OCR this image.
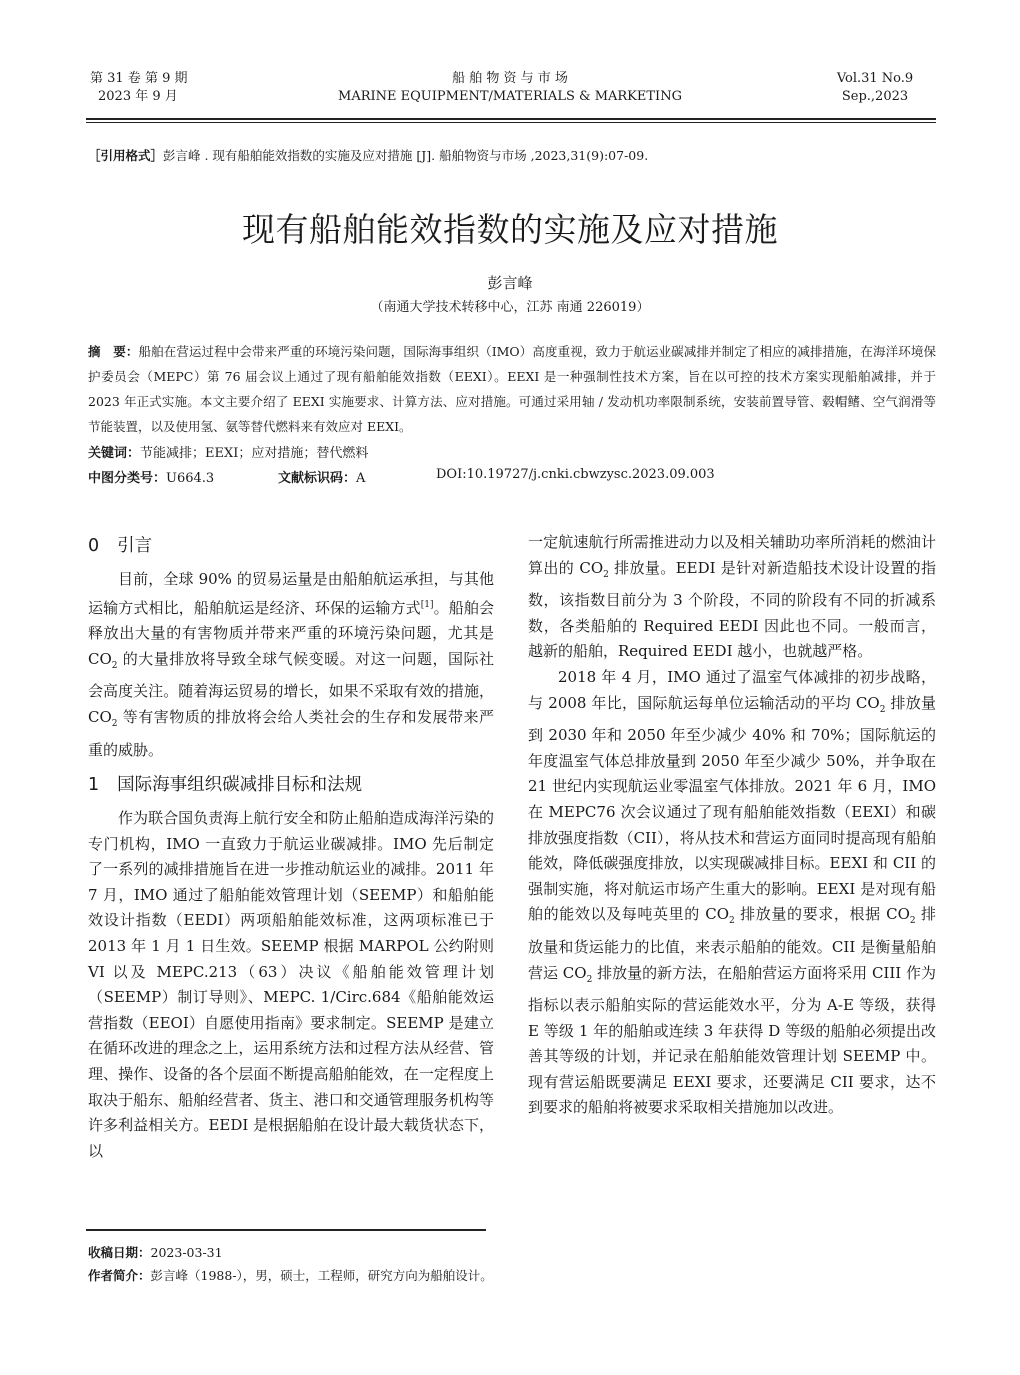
第 31 卷 第 9 期
2023 年 9 月
船 舶 物 资 与 市 场
MARINE EQUIPMENT/MATERIALS & MARKETING
Vol.31 No.9
Sep.,2023
［引用格式］彭言峰 . 现有船舶能效指数的实施及应对措施 [J]. 船舶物资与市场 ,2023,31(9):07-09.
现有船舶能效指数的实施及应对措施
彭言峰
（南通大学技术转移中心，江苏 南通 226019）
摘　要：船舶在营运过程中会带来严重的环境污染问题，国际海事组织（IMO）高度重视，致力于航运业碳减排并制定了相应的减排措施，在海洋环境保护委员会（MEPC）第 76 届会议上通过了现有船舶能效指数（EEXI）。EEXI 是一种强制性技术方案，旨在以可控的技术方案实现船舶减排，并于 2023 年正式实施。本文主要介绍了 EEXI 实施要求、计算方法、应对措施。可通过采用轴 / 发动机功率限制系统，安装前置导管、毂帽鳍、空气润滑等节能装置，以及使用氢、氨等替代燃料来有效应对 EEXI。
关键词：节能减排；EEXI；应对措施；替代燃料
中图分类号：U664.3	文献标识码：A	DOI:10.19727/j.cnki.cbwzysc.2023.09.003
0 引言

目前，全球 90% 的贸易运量是由船舶航运承担，与其他运输方式相比，船舶航运是经济、环保的运输方式[1]。船舶会释放出大量的有害物质并带来严重的环境污染问题，尤其是 $CO_2$ 的大量排放将导致全球气候变暖。对这一问题，国际社会高度关注。随着海运贸易的增长，如果不采取有效的措施，$CO_2$ 等有害物质的排放将会给人类社会的生存和发展带来严重的威胁。

1 国际海事组织碳减排目标和法规

作为联合国负责海上航行安全和防止船舶造成海洋污染的专门机构，IMO 一直致力于航运业碳减排。IMO 先后制定了一系列的减排措施旨在进一步推动航运业的减排。2011 年 7 月，IMO 通过了船舶能效管理计划（SEEMP）和船舶能效设计指数（EEDI）两项船舶能效标准，这两项标准已于 2013 年 1 月 1 日生效。SEEMP 根据 MARPOL 公约附则 VI 以及 MEPC.213（63）决议《船舶能效管理计划（SEEMP）制订导则》、MEPC. 1/Circ.684《船舶能效运营指数（EEOI）自愿使用指南》要求制定。SEEMP 是建立在循环改进的理念之上，运用系统方法和过程方法从经营、管理、操作、设备的各个层面不断提高船舶能效，在一定程度上取决于船东、船舶经营者、货主、港口和交通管理服务机构等许多利益相关方。EEDI 是根据船舶在设计最大载货状态下，以

一定航速航行所需推进动力以及相关辅助功率所消耗的燃油计算出的 $CO_2$ 排放量。EEDI 是针对新造船技术设计设置的指数，该指数目前分为 3 个阶段，不同的阶段有不同的折减系数，各类船舶的 Required EEDI 因此也不同。一般而言，越新的船舶，Required EEDI 越小，也就越严格。

2018 年 4 月，IMO 通过了温室气体减排的初步战略，与 2008 年比，国际航运每单位运输活动的平均 $CO_2$ 排放量到 2030 年和 2050 年至少减少 40% 和 70%；国际航运的年度温室气体总排放量到 2050 年至少减少 50%，并争取在 21 世纪内实现航运业零温室气体排放。2021 年 6 月，IMO 在 MEPC76 次会议通过了现有船舶能效指数（EEXI）和碳排放强度指数（CII），将从技术和营运方面同时提高现有船舶能效，降低碳强度排放，以实现碳减排目标。EEXI 和 CII 的强制实施，将对航运市场产生重大的影响。EEXI 是对现有船舶的能效以及每吨英里的 $CO_2$ 排放量的要求，根据 $CO_2$ 排放量和货运能力的比值，来表示船舶的能效。CII 是衡量船舶营运 $CO_2$ 排放量的新方法，在船舶营运方面将采用 CIII 作为指标以表示船舶实际的营运能效水平，分为 A-E 等级，获得 E 等级 1 年的船舶或连续 3 年获得 D 等级的船舶必须提出改善其等级的计划，并记录在船舶能效管理计划 SEEMP 中。现有营运船既要满足 EEXI 要求，还要满足 CII 要求，达不到要求的船舶将被要求采取相关措施加以改进。

收稿日期：2023-03-31
作者简介：彭言峰（1988-），男，硕士，工程师，研究方向为船舶设计。
